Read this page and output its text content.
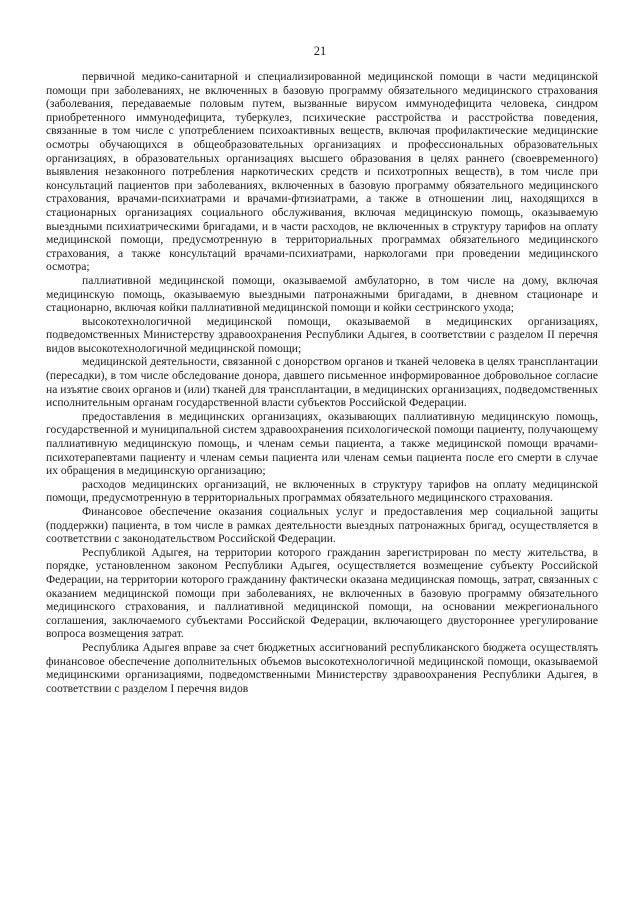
21

первичной медико-санитарной и специализированной медицинской помощи в части медицинской помощи при заболеваниях, не включенных в базовую программу обязательного медицинского страхования (заболевания, передаваемые половым путем, вызванные вирусом иммунодефицита человека, синдром приобретенного иммунодефицита, туберкулез, психические расстройства и расстройства поведения, связанные в том числе с употреблением психоактивных веществ, включая профилактические медицинские осмотры обучающихся в общеобразовательных организациях и профессиональных образовательных организациях, в образовательных организациях высшего образования в целях раннего (своевременного) выявления незаконного потребления наркотических средств и психотропных веществ), в том числе при консультаций пациентов при заболеваниях, включенных в базовую программу обязательного медицинского страхования, врачами-психиатрами и врачами-фтизиатрами, а также в отношении лиц, находящихся в стационарных организациях социального обслуживания, включая медицинскую помощь, оказываемую выездными психиатрическими бригадами, и в части расходов, не включенных в структуру тарифов на оплату медицинской помощи, предусмотренную в территориальных программах обязательного медицинского страхования, а также консультаций врачами-психиатрами, наркологами при проведении медицинского осмотра;

паллиативной медицинской помощи, оказываемой амбулаторно, в том числе на дому, включая медицинскую помощь, оказываемую выездными патронажными бригадами, в дневном стационаре и стационарно, включая койки паллиативной медицинской помощи и койки сестринского ухода;

высокотехнологичной медицинской помощи, оказываемой в медицинских организациях, подведомственных Министерству здравоохранения Республики Адыгея, в соответствии с разделом II перечня видов высокотехнологичной медицинской помощи;

медицинской деятельности, связанной с донорством органов и тканей человека в целях трансплантации (пересадки), в том числе обследование донора, давшего письменное информированное добровольное согласие на изъятие своих органов и (или) тканей для трансплантации, в медицинских организациях, подведомственных исполнительным органам государственной власти субъектов Российской Федерации.

предоставления в медицинских организациях, оказывающих паллиативную медицинскую помощь, государственной и муниципальной систем здравоохранения психологической помощи пациенту, получающему паллиативную медицинскую помощь, и членам семьи пациента, а также медицинской помощи врачами-психотерапевтами пациенту и членам семьи пациента или членам семьи пациента после его смерти в случае их обращения в медицинскую организацию;

расходов медицинских организаций, не включенных в структуру тарифов на оплату медицинской помощи, предусмотренную в территориальных программах обязательного медицинского страхования.

Финансовое обеспечение оказания социальных услуг и предоставления мер социальной защиты (поддержки) пациента, в том числе в рамках деятельности выездных патронажных бригад, осуществляется в соответствии с законодательством Российской Федерации.

Республикой Адыгея, на территории которого гражданин зарегистрирован по месту жительства, в порядке, установленном законом Республики Адыгея, осуществляется возмещение субъекту Российской Федерации, на территории которого гражданину фактически оказана медицинская помощь, затрат, связанных с оказанием медицинской помощи при заболеваниях, не включенных в базовую программу обязательного медицинского страхования, и паллиативной медицинской помощи, на основании межрегионального соглашения, заключаемого субъектами Российской Федерации, включающего двустороннее урегулирование вопроса возмещения затрат.

Республика Адыгея вправе за счет бюджетных ассигнований республиканского бюджета осуществлять финансовое обеспечение дополнительных объемов высокотехнологичной медицинской помощи, оказываемой медицинскими организациями, подведомственными Министерству здравоохранения Республики Адыгея, в соответствии с разделом I перечня видов
